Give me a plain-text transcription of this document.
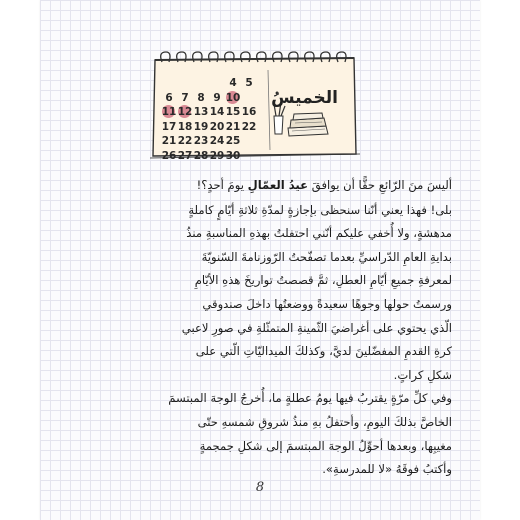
الخميسُ
4 5
6 7 8 9 10
11 12 13 14 15 16
17 18 19 20 21 22
21 22 23 24 25
26 27 28 29 30
أليسَ منَ الرّائعِ حقًّا أن يوافقَ عيدُ العمّالِ يومَ أحدٍ؟!
بلى! فهذا يعني أنّنا سنحظى بإجازةٍ لمدّةِ ثلاثةِ أيّامٍ كاملةٍ
مدهشةٍ، ولا أُخفي عليكم أنّني احتفلتُ بهذهِ المناسبةِ منذُ
بدايةِ العامِ الدّراسيِّ بعدما تصفّحتُ الرّوزنامةَ السّنويّةَ
لمعرفةِ جميعِ أيّامِ العطلِ، ثمَّ قصصتُ تواريخَ هذهِ الأيّامِ
ورسمتُ حولها وجوهًا سعيدةً ووضعتُها داخلَ صندوقي
الّذي يحتوي على أغراضيَ الثّمينةِ المتمثّلةِ في صورِ لاعبي
كرةِ القدمِ المفضّلينَ لديَّ، وكذلكَ الميداليّاتِ الّتي على
شكلِ كراتٍ.
وفي كلِّ مرّةٍ يقتربُ فيها يومُ عطلةٍ ما، أُخرجُ الوجهَ المبتسمَ
الخاصَّ بذلكَ اليومِ، وأحتفلُ بهِ منذُ شروقِ شمسهِ حتّى
مغيبِها، وبعدها أحوِّلُ الوجهَ المبتسمَ إلى شكلِ جمجمةٍ
وأكتبُ فوقَهُ «لا للمدرسةِ».
8
